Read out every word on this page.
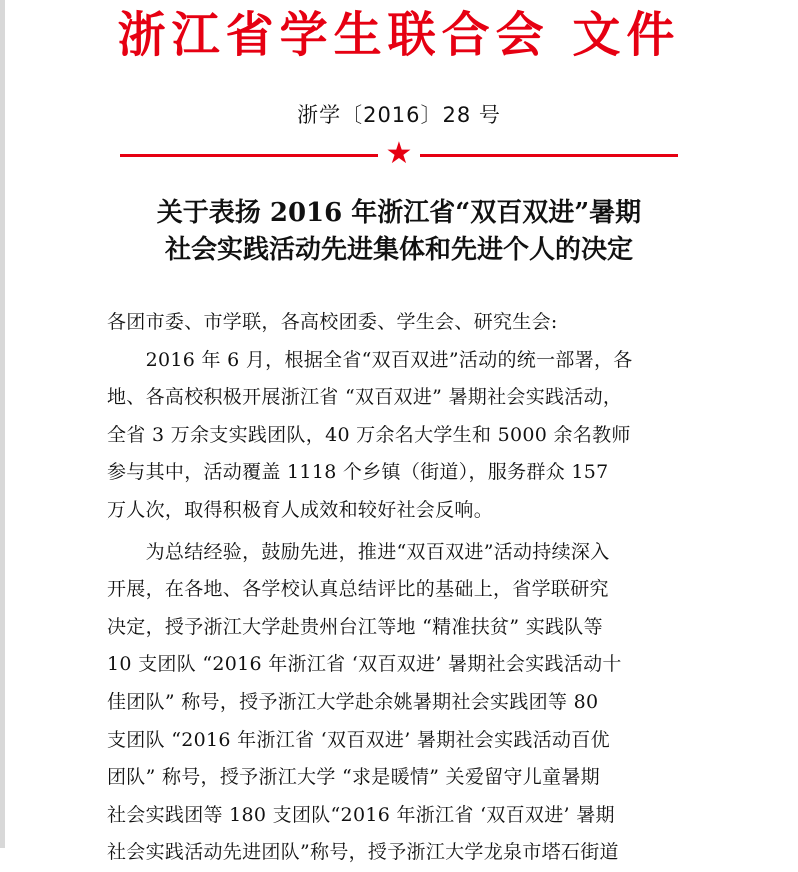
浙江省学生联合会 文件
浙学〔2016〕28 号
★
关于表扬 2016 年浙江省“双百双进”暑期
社会实践活动先进集体和先进个人的决定
各团市委、市学联，各高校团委、学生会、研究生会:
　　2016 年 6 月，根据全省“双百双进”活动的统一部署，各
地、各高校积极开展浙江省 “双百双进” 暑期社会实践活动，
全省 3 万余支实践团队，40 万余名大学生和 5000 余名教师
参与其中，活动覆盖 1118 个乡镇（街道），服务群众 157
万人次，取得积极育人成效和较好社会反响。
　　为总结经验，鼓励先进，推进“双百双进”活动持续深入
开展，在各地、各学校认真总结评比的基础上，省学联研究
决定，授予浙江大学赴贵州台江等地 “精准扶贫” 实践队等
10 支团队 “2016 年浙江省 ‘双百双进’ 暑期社会实践活动十
佳团队” 称号，授予浙江大学赴余姚暑期社会实践团等 80
支团队 “2016 年浙江省 ‘双百双进’ 暑期社会实践活动百优
团队” 称号，授予浙江大学 “求是暖情” 关爱留守儿童暑期
社会实践团等 180 支团队“2016 年浙江省 ‘双百双进’ 暑期
社会实践活动先进团队”称号，授予浙江大学龙泉市塔石街道
